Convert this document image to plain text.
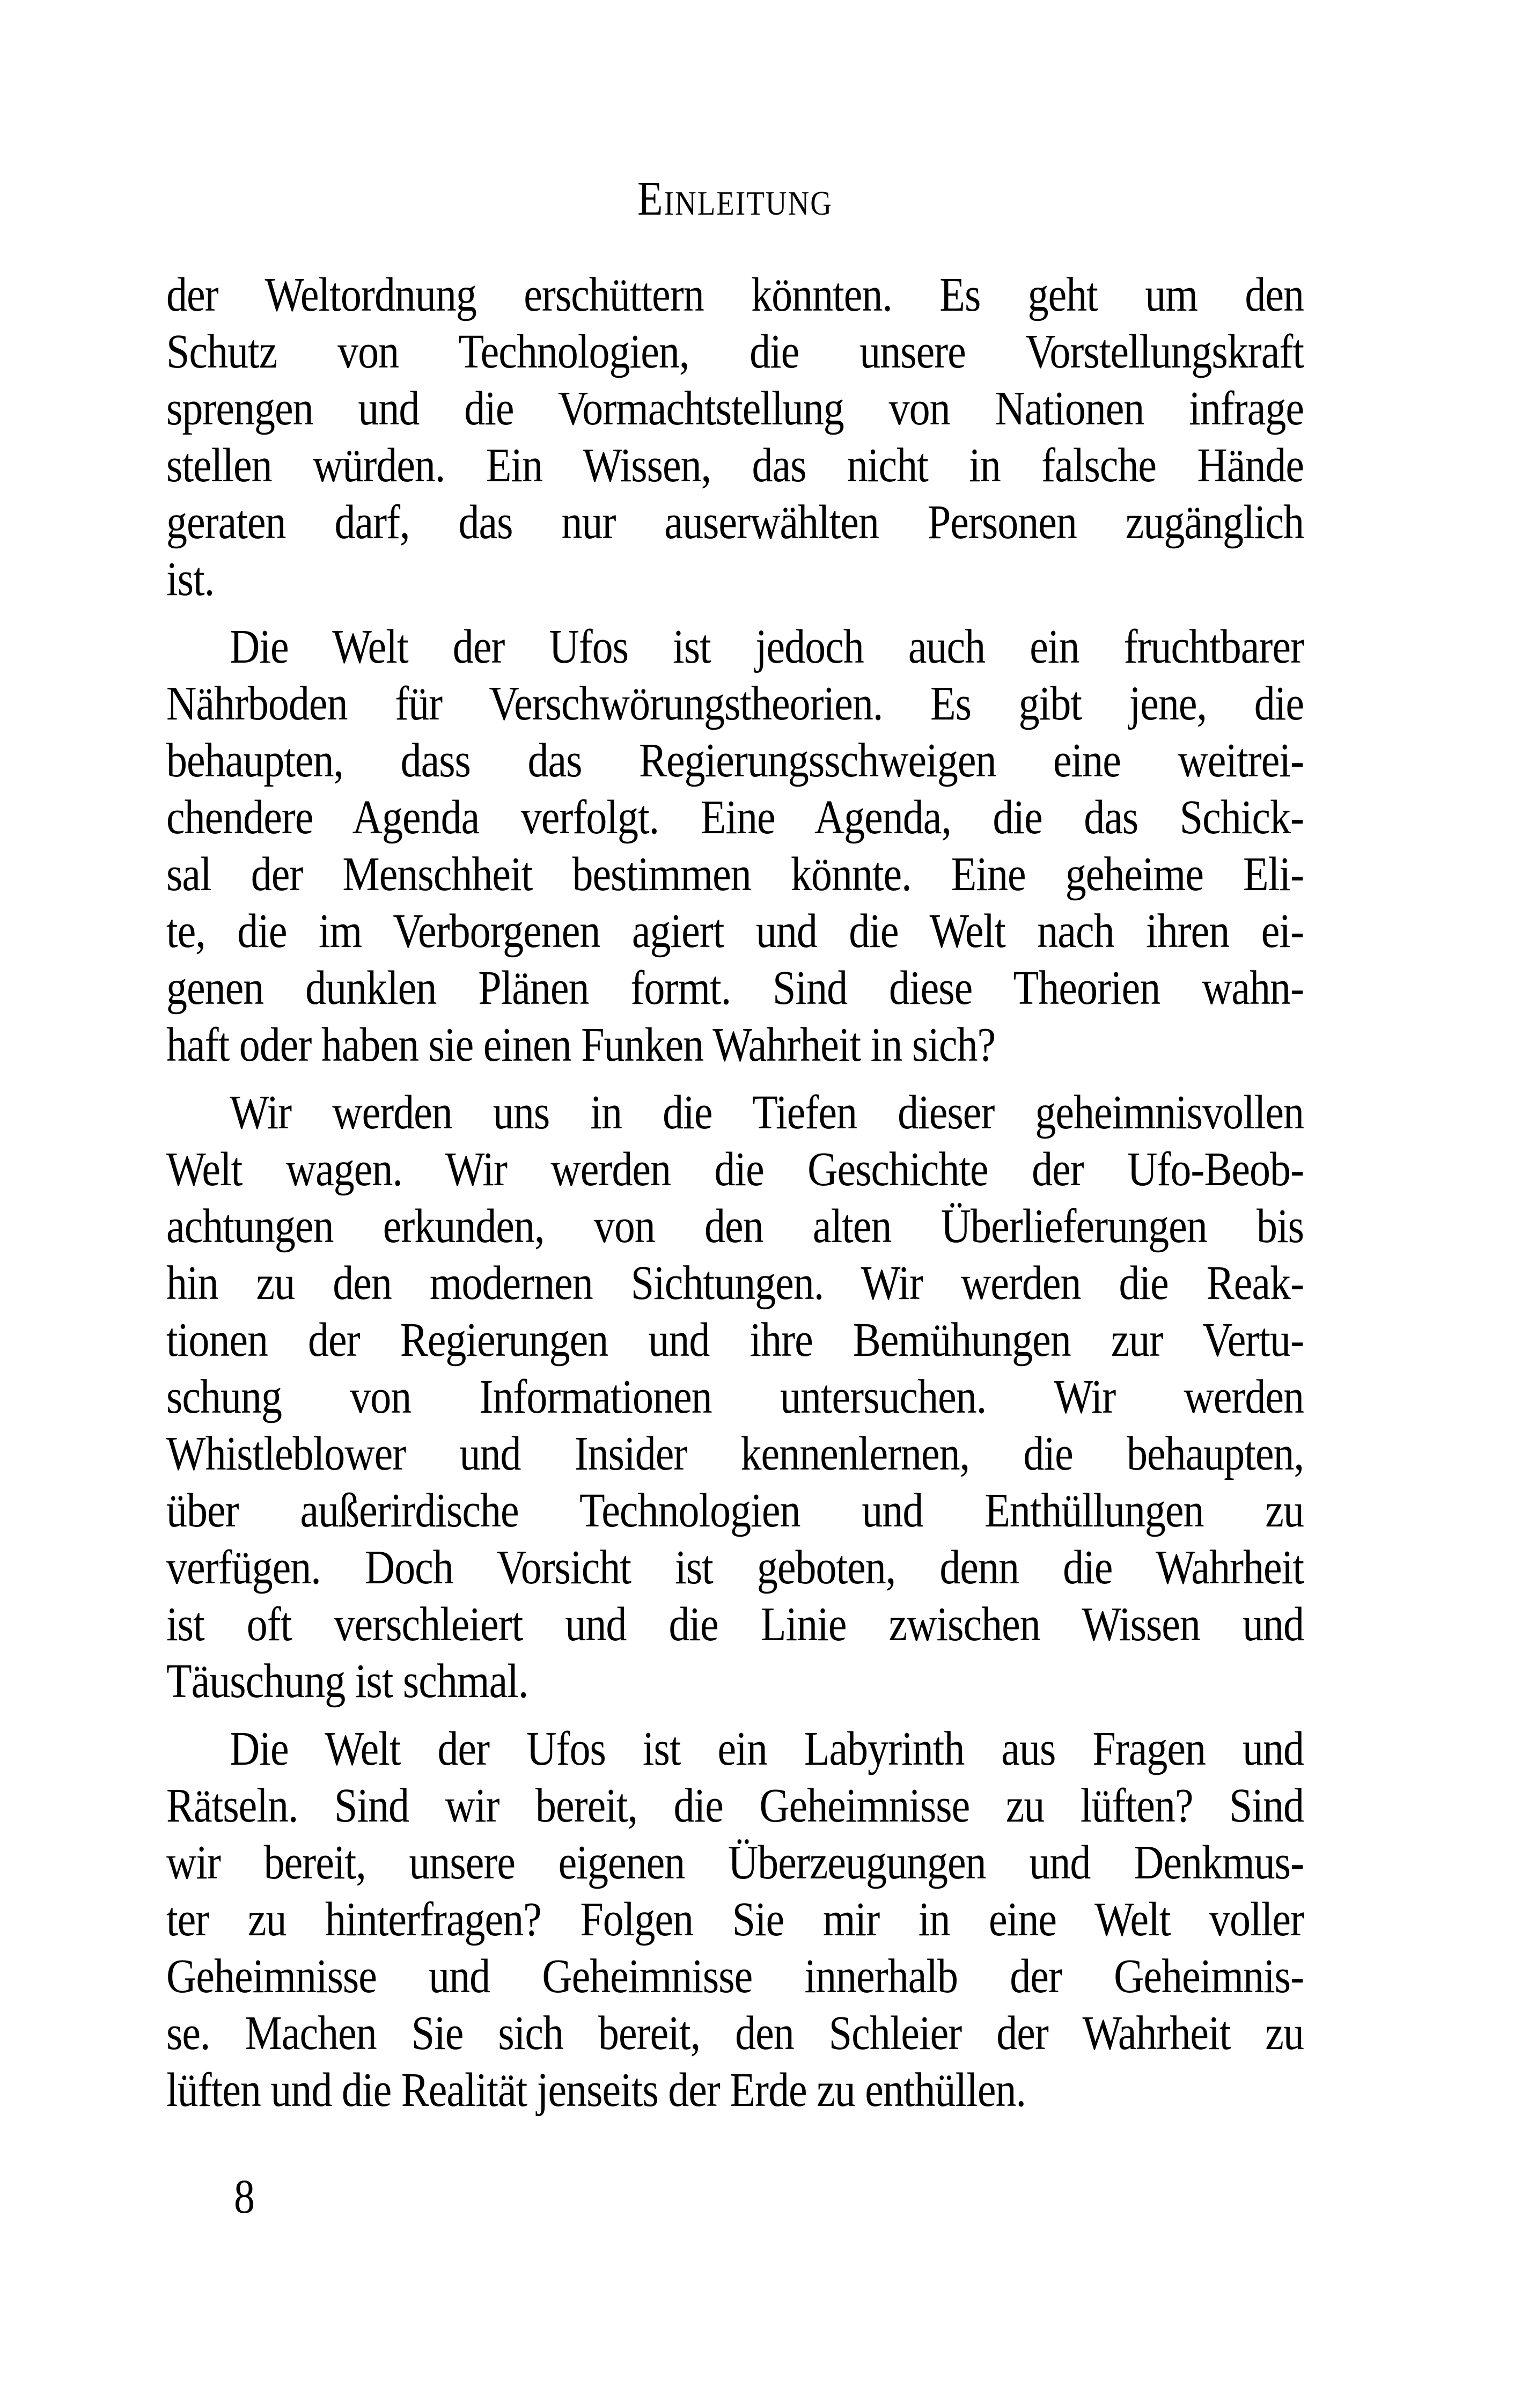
Einleitung
der Weltordnung erschüttern könnten. Es geht um den
Schutz von Technologien, die unsere Vorstellungskraft
sprengen und die Vormachtstellung von Nationen infrage
stellen würden. Ein Wissen, das nicht in falsche Hände
geraten darf, das nur auserwählten Personen zugänglich
ist.
Die Welt der Ufos ist jedoch auch ein fruchtbarer
Nährboden für Verschwörungstheorien. Es gibt jene, die
behaupten, dass das Regierungsschweigen eine weitrei-
chendere Agenda verfolgt. Eine Agenda, die das Schick-
sal der Menschheit bestimmen könnte. Eine geheime Eli-
te, die im Verborgenen agiert und die Welt nach ihren ei-
genen dunklen Plänen formt. Sind diese Theorien wahn-
haft oder haben sie einen Funken Wahrheit in sich?
Wir werden uns in die Tiefen dieser geheimnisvollen
Welt wagen. Wir werden die Geschichte der Ufo-Beob-
achtungen erkunden, von den alten Überlieferungen bis
hin zu den modernen Sichtungen. Wir werden die Reak-
tionen der Regierungen und ihre Bemühungen zur Vertu-
schung von Informationen untersuchen. Wir werden
Whistleblower und Insider kennenlernen, die behaupten,
über außerirdische Technologien und Enthüllungen zu
verfügen. Doch Vorsicht ist geboten, denn die Wahrheit
ist oft verschleiert und die Linie zwischen Wissen und
Täuschung ist schmal.
Die Welt der Ufos ist ein Labyrinth aus Fragen und
Rätseln. Sind wir bereit, die Geheimnisse zu lüften? Sind
wir bereit, unsere eigenen Überzeugungen und Denkmus-
ter zu hinterfragen? Folgen Sie mir in eine Welt voller
Geheimnisse und Geheimnisse innerhalb der Geheimnis-
se. Machen Sie sich bereit, den Schleier der Wahrheit zu
lüften und die Realität jenseits der Erde zu enthüllen.
8
